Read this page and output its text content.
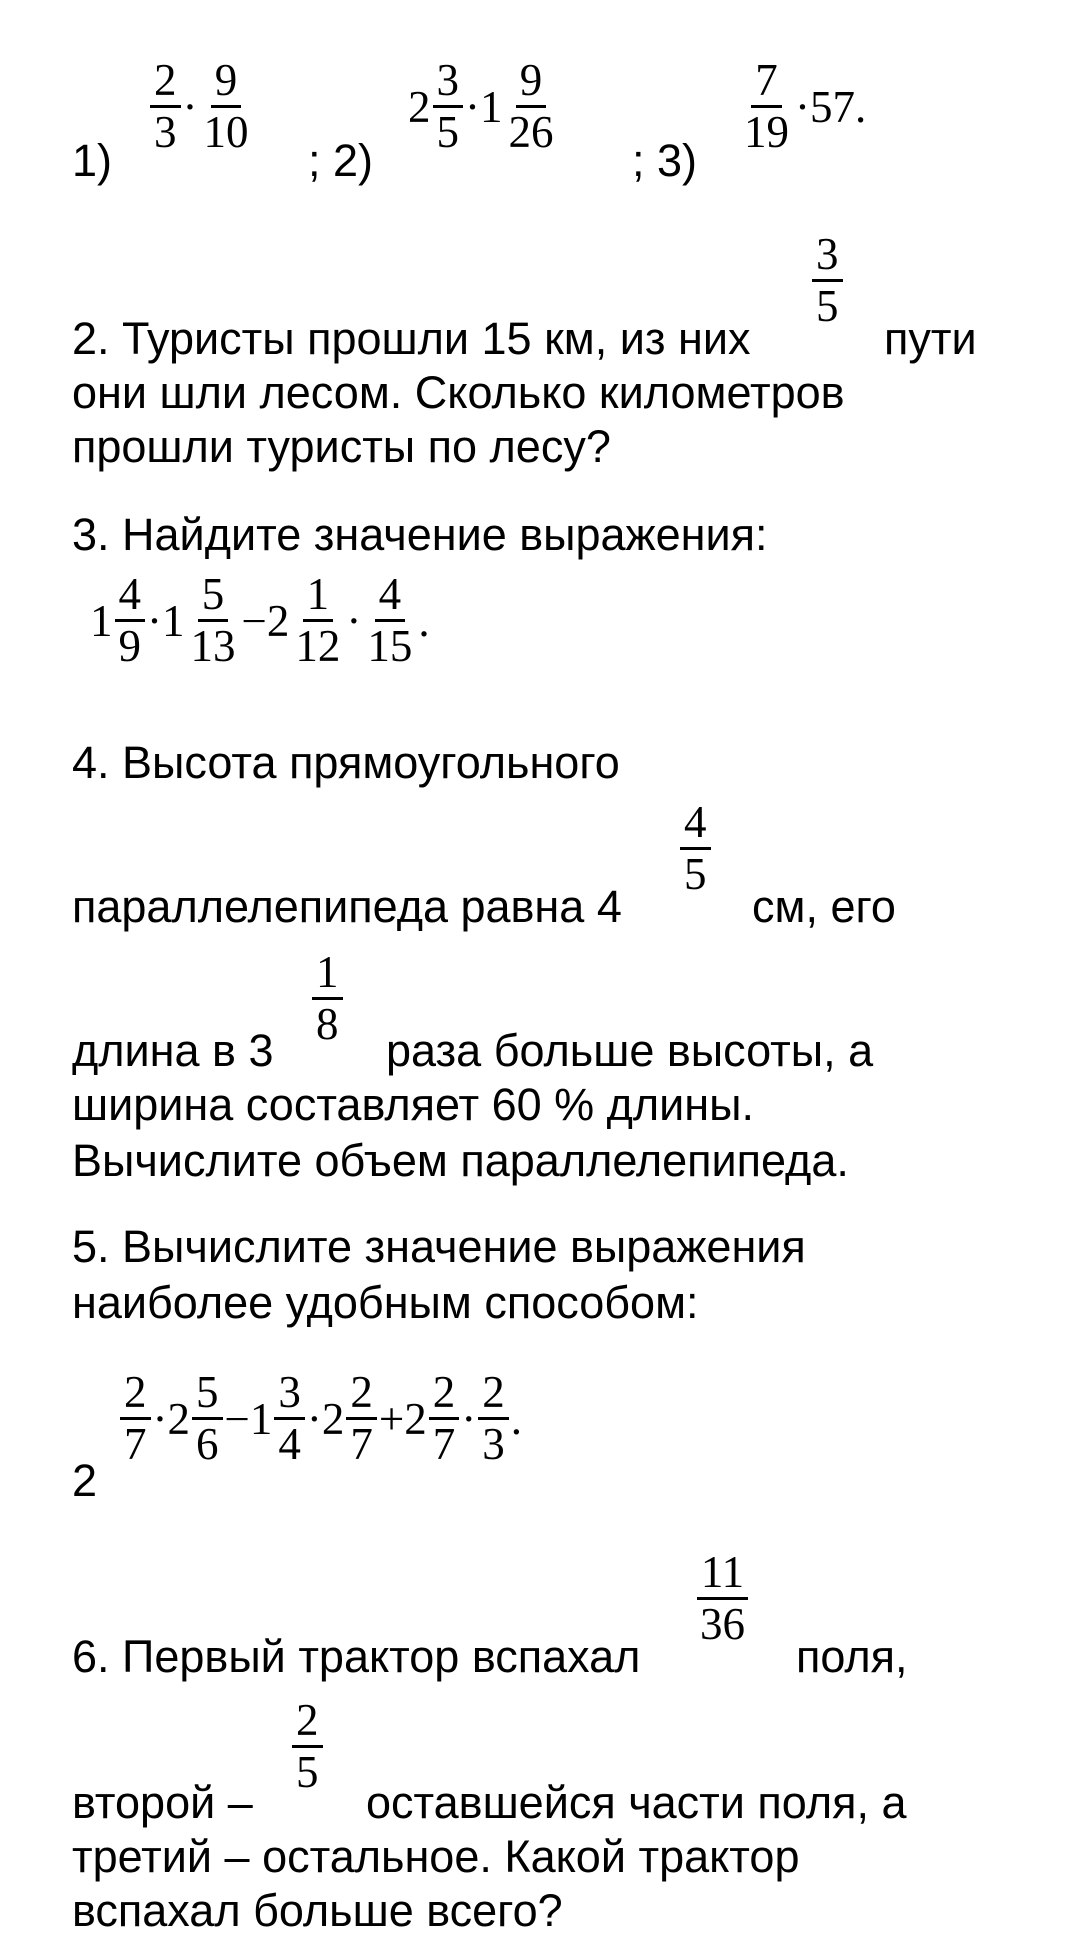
1)
$\frac{2}{3} \cdot \frac{9}{10}$
; 2)
$2 \frac{3}{5} \cdot 1 \frac{9}{26}$
; 3)
$\frac{7}{19} \cdot 57$.
2. Туристы прошли 15 км, из них
$\frac{3}{5}$
пути
они шли лесом. Сколько километров
прошли туристы по лесу?
3. Найдите значение выражения:
$1 \frac{4}{9} \cdot 1 \frac{5}{13} - 2 \frac{1}{12} \cdot \frac{4}{15}$ .
4. Высота прямоугольного
параллелепипеда равна 4
$\frac{4}{5}$
см, его
длина в 3
$\frac{1}{8}$
раза больше высоты, а
ширина составляет 60 % длины.
Вычислите объем параллелепипеда.
5. Вычислите значение выражения
наиболее удобным способом:
2
$\frac{2}{7} \cdot 2 \frac{5}{6} - 1 \frac{3}{4} \cdot 2 \frac{2}{7} + 2 \frac{2}{7} \cdot \frac{2}{3}$ .
6. Первый трактор вспахал
$\frac{11}{36}$
поля,
второй –
$\frac{2}{5}$
оставшейся части поля, а
третий – остальное. Какой трактор
вспахал больше всего?
